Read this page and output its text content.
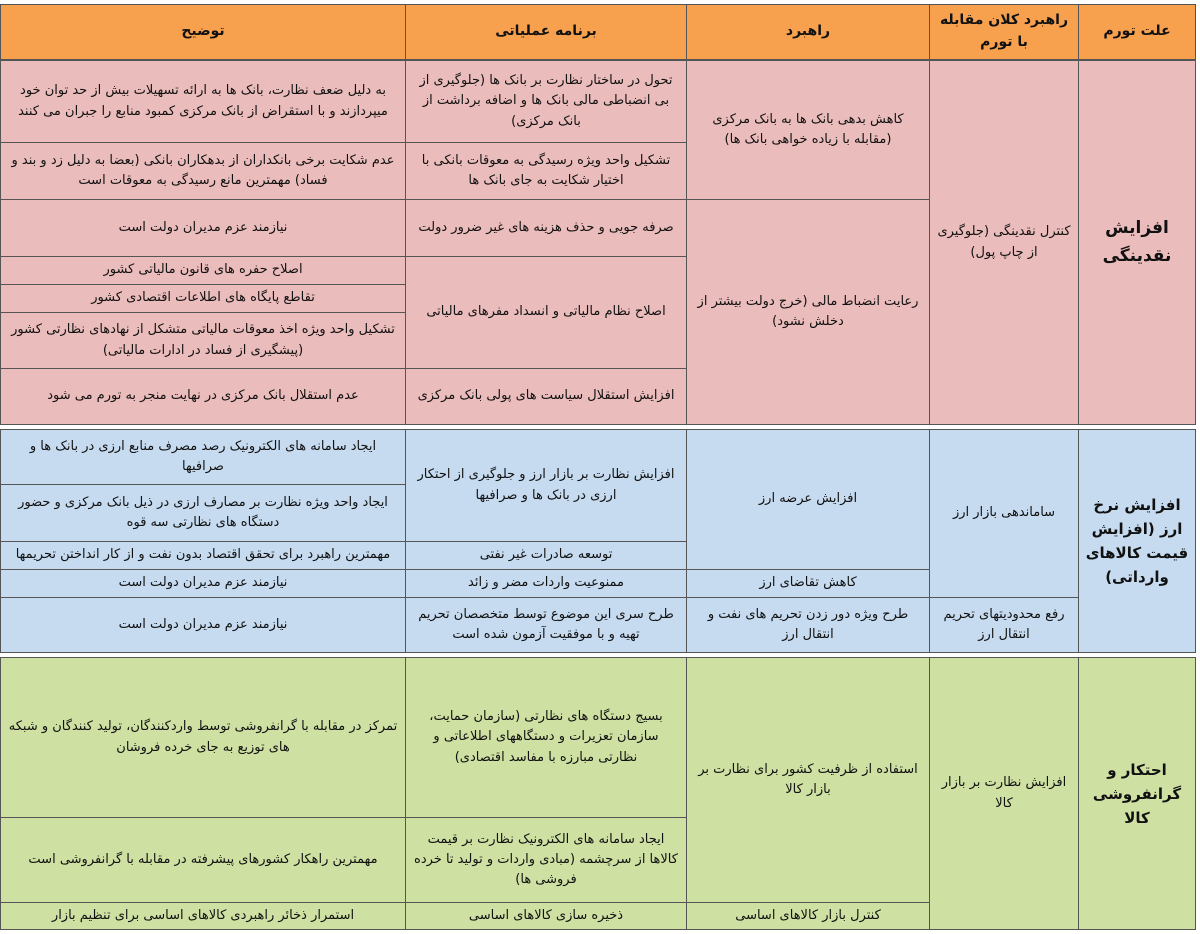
علت تورم
راهبرد کلان مقابله با تورم
راهبرد
برنامه عملیاتی
توضیح
افزایش نقدینگی
کنترل نقدینگی (جلوگیری از چاپ پول)
کاهش بدهی بانک ها به بانک مرکزی (مقابله با زیاده خواهی بانک ها)
رعایت انضباط مالی (خرج دولت بیشتر از دخلش نشود)
تحول در ساختار نظارت بر بانک ها (جلوگیری از بی انضباطی مالی بانک ها و اضافه برداشت از بانک مرکزی)
تشکیل واحد ویژه رسیدگی به معوقات بانکی با اختیار شکایت به جای بانک ها
صرفه جویی و حذف هزینه های غیر ضرور دولت
اصلاح نظام مالیاتی و انسداد مفرهای مالیاتی
افزایش استقلال سیاست های پولی بانک مرکزی
به دلیل ضعف نظارت، بانک ها به ارائه تسهیلات بیش از حد توان خود میپردازند و با استقراض از بانک مرکزی کمبود منابع را جبران می کنند
عدم شکایت برخی بانکداران از بدهکاران بانکی (بعضا به دلیل زد و بند و فساد) مهمترین مانع رسیدگی به معوقات است
نیازمند عزم مدیران دولت است
اصلاح حفره های قانون مالیاتی کشور
تقاطع پایگاه های اطلاعات اقتصادی کشور
تشکیل واحد ویژه اخذ معوقات مالیاتی متشکل از نهادهای نظارتی کشور (پیشگیری از فساد در ادارات مالیاتی)
عدم استقلال بانک مرکزی در نهایت منجر به تورم می شود
افزایش نرخ ارز (افزایش قیمت کالاهای وارداتی)
ساماندهی بازار ارز
رفع محدودیتهای تحریم انتقال ارز
افزایش عرضه ارز
کاهش تقاضای ارز
طرح ویژه دور زدن تحریم های نفت و انتقال ارز
افزایش نظارت بر بازار ارز و جلوگیری از احتکار ارزی در بانک ها و صرافیها
توسعه صادرات غیر نفتی
ممنوعیت واردات مضر و زائد
طرح سری این موضوع توسط متخصصان تحریم تهیه و با موفقیت آزمون شده است
ایجاد سامانه های الکترونیک رصد مصرف منابع ارزی در بانک ها و صرافیها
ایجاد واحد ویژه نظارت بر مصارف ارزی در ذیل بانک مرکزی و حضور دستگاه های نظارتی سه قوه
مهمترین راهبرد برای تحقق اقتصاد بدون نفت و از کار انداختن تحریمها
نیازمند عزم مدیران دولت است
نیازمند عزم مدیران دولت است
احتکار و گرانفروشی کالا
افزایش نظارت بر بازار کالا
استفاده از ظرفیت کشور برای نظارت بر بازار کالا
کنترل بازار کالاهای اساسی
بسیج دستگاه های نظارتی (سازمان حمایت، سازمان تعزیرات و دستگاههای اطلاعاتی و نظارتی مبارزه با مفاسد اقتصادی)
ایجاد سامانه های الکترونیک نظارت بر قیمت کالاها از سرچشمه (مبادی واردات و تولید تا خرده فروشی ها)
ذخیره سازی کالاهای اساسی
تمرکز در مقابله با گرانفروشی توسط واردکنندگان، تولید کنندگان و شبکه های توزیع به جای خرده فروشان
مهمترین راهکار کشورهای پیشرفته در مقابله با گرانفروشی است
استمرار ذخائر راهبردی کالاهای اساسی برای تنظیم بازار
